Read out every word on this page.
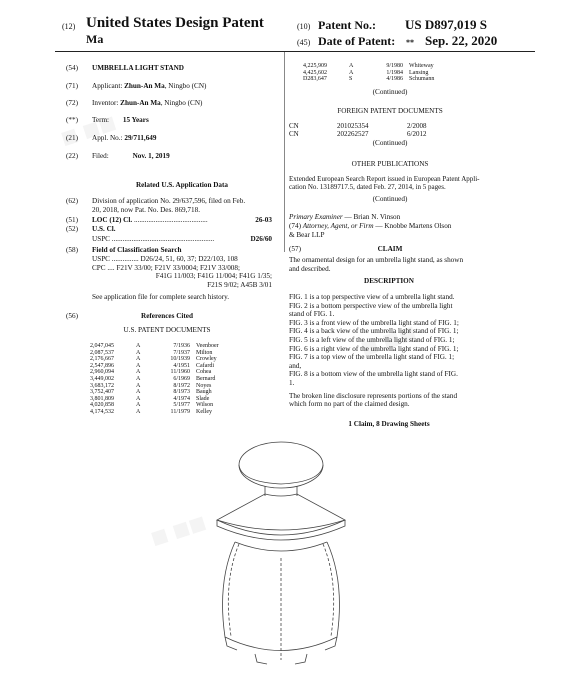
(12) United States Design Patent
Ma
(10) Patent No.: US D897,019 S
(45) Date of Patent: ** Sep. 22, 2020
(54) UMBRELLA LIGHT STAND
(71) Applicant: Zhun-An Ma, Ningbo (CN)
(72) Inventor: Zhun-An Ma, Ningbo (CN)
(**) Term: 15 Years
(21) Appl. No.: 29/711,649
(22) Filed:	Nov. 1, 2019
Related U.S. Application Data
(62) Division of application No. 29/637,596, filed on Feb.
20, 2018, now Pat. No. Des. 869,718.
(51) LOC (12) Cl. .........................................	26-03
(52) U.S. Cl.
USPC .........................................................	D26/60
(58) Field of Classification Search
USPC ............... D26/24, 51, 60, 37; D22/103, 108
CPC .... F21V 33/00; F21V 33/0004; F21V 33/008;
F41G 11/003; F41G 11/004; F41G 1/35;
F21S 9/02; A45B 3/01
See application file for complete search history.
(56)	References Cited
U.S. PATENT DOCUMENTS
2,047,045	A	7/1936 Veenboer
2,087,537	A	7/1937 Milton
2,176,667	A	10/1939 Crowley
2,547,896	A	4/1951 Cafardi
2,960,094	A	11/1960 Cohea
3,449,002	A	6/1969 Bernard
3,683,172	A	8/1972 Noyes
3,752,407	A	8/1973 Baugh
3,801,809	A	4/1974 Slade
4,020,858	A	5/1977 Wilson
4,174,532	A	11/1979 Kelley
4,225,909	A	9/1980 Whiteway
4,425,602	A	1/1984 Lansing
D283,647	S	4/1986 Schumann
(Continued)
FOREIGN PATENT DOCUMENTS
CN	201025354	2/2008
CN	202262527	6/2012
(Continued)
OTHER PUBLICATIONS
Extended European Search Report issued in European Patent Appli-
cation No. 13189717.5, dated Feb. 27, 2014, in 5 pages.
(Continued)
Primary Examiner — Brian N. Vinson
(74) Attorney, Agent, or Firm — Knobbe Martens Olson
& Bear LLP
(57)	CLAIM
The ornamental design for an umbrella light stand, as shown
and described.
DESCRIPTION
FIG. 1 is a top perspective view of a umbrella light stand.
FIG. 2 is a bottom perspective view of the umbrella light
stand of FIG. 1.
FIG. 3 is a front view of the umbrella light stand of FIG. 1;
FIG. 4 is a back view of the umbrella light stand of FIG. 1;
FIG. 5 is a left view of the umbrella light stand of FIG. 1;
FIG. 6 is a right view of the umbrella light stand of FIG. 1;
FIG. 7 is a top view of the umbrella light stand of FIG. 1;
and,
FIG. 8 is a bottom view of the umbrella light stand of FIG.
1.
The broken line disclosure represents portions of the stand
which form no part of the claimed design.
1 Claim, 8 Drawing Sheets
